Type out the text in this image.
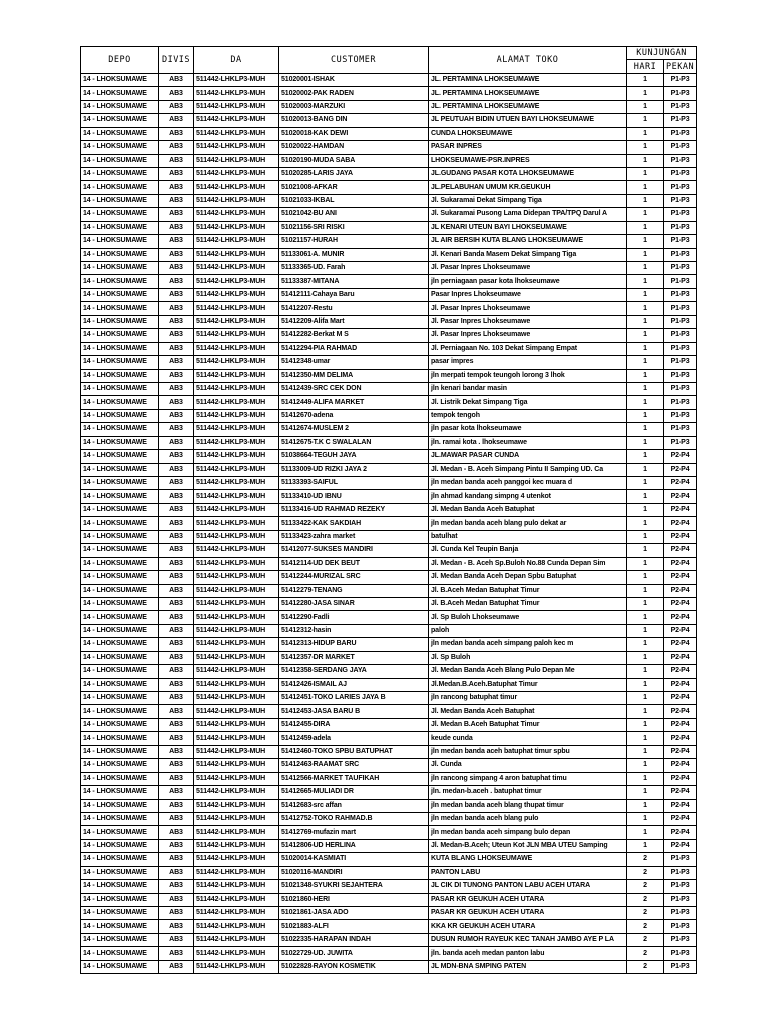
DEPO	DIVIS	DA	CUSTOMER	ALAMAT TOKO	KUNJUNGAN	
					HARI	PEKAN
14 - LHOKSUMAWE	AB3	511442-LHKLP3-MUH	51020001-ISHAK	JL. PERTAMINA LHOKSEUMAWE	1	P1-P3
14 - LHOKSUMAWE	AB3	511442-LHKLP3-MUH	51020002-PAK RADEN	JL. PERTAMINA LHOKSEUMAWE	1	P1-P3
14 - LHOKSUMAWE	AB3	511442-LHKLP3-MUH	51020003-MARZUKI	JL. PERTAMINA LHOKSEUMAWE	1	P1-P3
14 - LHOKSUMAWE	AB3	511442-LHKLP3-MUH	51020013-BANG DIN	JL PEUTUAH BIDIN UTUEN BAYI LHOKSEUMAWE	1	P1-P3
14 - LHOKSUMAWE	AB3	511442-LHKLP3-MUH	51020018-KAK DEWI	CUNDA LHOKSEUMAWE	1	P1-P3
14 - LHOKSUMAWE	AB3	511442-LHKLP3-MUH	51020022-HAMDAN	PASAR INPRES	1	P1-P3
14 - LHOKSUMAWE	AB3	511442-LHKLP3-MUH	51020190-MUDA SABA	LHOKSEUMAWE-PSR.INPRES	1	P1-P3
14 - LHOKSUMAWE	AB3	511442-LHKLP3-MUH	51020285-LARIS JAYA	JL.GUDANG PASAR KOTA LHOKSEUMAWE	1	P1-P3
14 - LHOKSUMAWE	AB3	511442-LHKLP3-MUH	51021008-AFKAR	JL.PELABUHAN UMUM KR.GEUKUH	1	P1-P3
14 - LHOKSUMAWE	AB3	511442-LHKLP3-MUH	51021033-IKBAL	Jl. Sukaramai Dekat Simpang Tiga	1	P1-P3
14 - LHOKSUMAWE	AB3	511442-LHKLP3-MUH	51021042-BU ANI	Jl. Sukaramai Pusong Lama Didepan TPA/TPQ Darul A	1	P1-P3
14 - LHOKSUMAWE	AB3	511442-LHKLP3-MUH	51021156-SRI RISKI	JL KENARI UTEUN BAYI LHOKSEUMAWE	1	P1-P3
14 - LHOKSUMAWE	AB3	511442-LHKLP3-MUH	51021157-HURAH	JL AIR BERSIH KUTA BLANG LHOKSEUMAWE	1	P1-P3
14 - LHOKSUMAWE	AB3	511442-LHKLP3-MUH	51133061-A. MUNIR	Jl. Kenari Banda Masem Dekat Simpang Tiga	1	P1-P3
14 - LHOKSUMAWE	AB3	511442-LHKLP3-MUH	51133365-UD. Farah	Jl. Pasar Inpres Lhokseumawe	1	P1-P3
14 - LHOKSUMAWE	AB3	511442-LHKLP3-MUH	51133387-MITANA	jln perniagaan pasar kota lhokseumawe	1	P1-P3
14 - LHOKSUMAWE	AB3	511442-LHKLP3-MUH	51412111-Cahaya Baru	Pasar Inpres Lhokseumawe	1	P1-P3
14 - LHOKSUMAWE	AB3	511442-LHKLP3-MUH	51412207-Restu	Jl. Pasar Inpres Lhokseumawe	1	P1-P3
14 - LHOKSUMAWE	AB3	511442-LHKLP3-MUH	51412209-Alifa Mart	Jl. Pasar Inpres Lhokseumawe	1	P1-P3
14 - LHOKSUMAWE	AB3	511442-LHKLP3-MUH	51412282-Berkat M S	Jl. Pasar Inpres Lhokseumawe	1	P1-P3
14 - LHOKSUMAWE	AB3	511442-LHKLP3-MUH	51412294-PIA RAHMAD	Jl. Perniagaan No. 103 Dekat Simpang Empat	1	P1-P3
14 - LHOKSUMAWE	AB3	511442-LHKLP3-MUH	51412348-umar	pasar impres	1	P1-P3
14 - LHOKSUMAWE	AB3	511442-LHKLP3-MUH	51412350-MM DELIMA	jln merpati tempok teungoh lorong 3 lhok	1	P1-P3
14 - LHOKSUMAWE	AB3	511442-LHKLP3-MUH	51412439-SRC CEK DON	jln kenari bandar masin	1	P1-P3
14 - LHOKSUMAWE	AB3	511442-LHKLP3-MUH	51412449-ALIFA MARKET	Jl. Listrik Dekat Simpang Tiga	1	P1-P3
14 - LHOKSUMAWE	AB3	511442-LHKLP3-MUH	51412670-adena	tempok tengoh	1	P1-P3
14 - LHOKSUMAWE	AB3	511442-LHKLP3-MUH	51412674-MUSLEM 2	jln pasar kota lhokseumawe	1	P1-P3
14 - LHOKSUMAWE	AB3	511442-LHKLP3-MUH	51412675-T.K C SWALALAN	jln. ramai kota . lhokseumawe	1	P1-P3
14 - LHOKSUMAWE	AB3	511442-LHKLP3-MUH	51038664-TEGUH JAYA	JL.MAWAR PASAR CUNDA	1	P2-P4
14 - LHOKSUMAWE	AB3	511442-LHKLP3-MUH	51133009-UD RIZKI JAYA 2	Jl. Medan - B. Aceh Simpang Pintu II Samping UD. Ca	1	P2-P4
14 - LHOKSUMAWE	AB3	511442-LHKLP3-MUH	51133393-SAIFUL	jln medan banda aceh panggoi kec muara d	1	P2-P4
14 - LHOKSUMAWE	AB3	511442-LHKLP3-MUH	51133410-UD IBNU	jln ahmad kandang simpng 4 utenkot	1	P2-P4
14 - LHOKSUMAWE	AB3	511442-LHKLP3-MUH	51133416-UD RAHMAD REZEKY	Jl. Medan Banda Aceh Batuphat	1	P2-P4
14 - LHOKSUMAWE	AB3	511442-LHKLP3-MUH	51133422-KAK SAKDIAH	jln medan banda aceh blang pulo dekat ar	1	P2-P4
14 - LHOKSUMAWE	AB3	511442-LHKLP3-MUH	51133423-zahra market	batulhat	1	P2-P4
14 - LHOKSUMAWE	AB3	511442-LHKLP3-MUH	51412077-SUKSES MANDIRI	Jl. Cunda Kel Teupin Banja	1	P2-P4
14 - LHOKSUMAWE	AB3	511442-LHKLP3-MUH	51412114-UD DEK BEUT	Jl. Medan - B. Aceh Sp.Buloh No.88 Cunda Depan Sim	1	P2-P4
14 - LHOKSUMAWE	AB3	511442-LHKLP3-MUH	51412244-MURIZAL SRC	Jl. Medan Banda Aceh Depan Spbu Batuphat	1	P2-P4
14 - LHOKSUMAWE	AB3	511442-LHKLP3-MUH	51412279-TENANG	Jl. B.Aceh Medan Batuphat Timur	1	P2-P4
14 - LHOKSUMAWE	AB3	511442-LHKLP3-MUH	51412280-JASA SINAR	Jl. B.Aceh Medan Batuphat Timur	1	P2-P4
14 - LHOKSUMAWE	AB3	511442-LHKLP3-MUH	51412290-Fadli	Jl. Sp Buloh Lhokseumawe	1	P2-P4
14 - LHOKSUMAWE	AB3	511442-LHKLP3-MUH	51412312-hasin	paloh	1	P2-P4
14 - LHOKSUMAWE	AB3	511442-LHKLP3-MUH	51412313-HIDUP BARU	jln medan banda aceh simpang paloh kec m	1	P2-P4
14 - LHOKSUMAWE	AB3	511442-LHKLP3-MUH	51412357-DR MARKET	Jl. Sp Buloh	1	P2-P4
14 - LHOKSUMAWE	AB3	511442-LHKLP3-MUH	51412358-SERDANG JAYA	Jl. Medan Banda Aceh Blang Pulo Depan Me	1	P2-P4
14 - LHOKSUMAWE	AB3	511442-LHKLP3-MUH	51412426-ISMAIL AJ	Jl.Medan.B.Aceh.Batuphat Timur	1	P2-P4
14 - LHOKSUMAWE	AB3	511442-LHKLP3-MUH	51412451-TOKO LARIES JAYA B	jln rancong batuphat timur	1	P2-P4
14 - LHOKSUMAWE	AB3	511442-LHKLP3-MUH	51412453-JASA BARU B	Jl. Medan Banda Aceh Batuphat	1	P2-P4
14 - LHOKSUMAWE	AB3	511442-LHKLP3-MUH	51412455-DIRA	Jl. Medan B.Aceh Batuphat Timur	1	P2-P4
14 - LHOKSUMAWE	AB3	511442-LHKLP3-MUH	51412459-adela	keude cunda	1	P2-P4
14 - LHOKSUMAWE	AB3	511442-LHKLP3-MUH	51412460-TOKO SPBU BATUPHAT	jln medan banda aceh batuphat timur spbu	1	P2-P4
14 - LHOKSUMAWE	AB3	511442-LHKLP3-MUH	51412463-RAAMAT SRC	Jl. Cunda	1	P2-P4
14 - LHOKSUMAWE	AB3	511442-LHKLP3-MUH	51412566-MARKET TAUFIKAH	jln rancong simpang 4 aron batuphat timu	1	P2-P4
14 - LHOKSUMAWE	AB3	511442-LHKLP3-MUH	51412665-MULIADI DR	jln. medan-b.aceh . batuphat timur	1	P2-P4
14 - LHOKSUMAWE	AB3	511442-LHKLP3-MUH	51412683-src affan	jln medan banda aceh blang thupat timur	1	P2-P4
14 - LHOKSUMAWE	AB3	511442-LHKLP3-MUH	51412752-TOKO RAHMAD.B	jln medan banda aceh blang pulo	1	P2-P4
14 - LHOKSUMAWE	AB3	511442-LHKLP3-MUH	51412769-mufazin mart	jln medan banda aceh simpang bulo depan	1	P2-P4
14 - LHOKSUMAWE	AB3	511442-LHKLP3-MUH	51412806-UD HERLINA	Jl. Medan-B.Aceh; Uteun Kot JLN MBA UTEU Samping	1	P2-P4
14 - LHOKSUMAWE	AB3	511442-LHKLP3-MUH	51020014-KASMIATI	KUTA BLANG LHOKSEUMAWE	2	P1-P3
14 - LHOKSUMAWE	AB3	511442-LHKLP3-MUH	51020116-MANDIRI	PANTON LABU	2	P1-P3
14 - LHOKSUMAWE	AB3	511442-LHKLP3-MUH	51021348-SYUKRI SEJAHTERA	JL CIK DI TUNONG PANTON LABU ACEH UTARA	2	P1-P3
14 - LHOKSUMAWE	AB3	511442-LHKLP3-MUH	51021860-HERI	PASAR KR GEUKUH ACEH UTARA	2	P1-P3
14 - LHOKSUMAWE	AB3	511442-LHKLP3-MUH	51021861-JASA ADO	PASAR KR GEUKUH ACEH UTARA	2	P1-P3
14 - LHOKSUMAWE	AB3	511442-LHKLP3-MUH	51021883-ALFI	KKA KR GEUKUH ACEH UTARA	2	P1-P3
14 - LHOKSUMAWE	AB3	511442-LHKLP3-MUH	51022335-HARAPAN INDAH	DUSUN RUMOH RAYEUK KEC TANAH JAMBO AYE P LA	2	P1-P3
14 - LHOKSUMAWE	AB3	511442-LHKLP3-MUH	51022729-UD. JUWITA	jln. banda aceh medan panton labu	2	P1-P3
14 - LHOKSUMAWE	AB3	511442-LHKLP3-MUH	51022828-RAYON KOSMETIK	JL MDN-BNA SMPING PATEN	2	P1-P3
